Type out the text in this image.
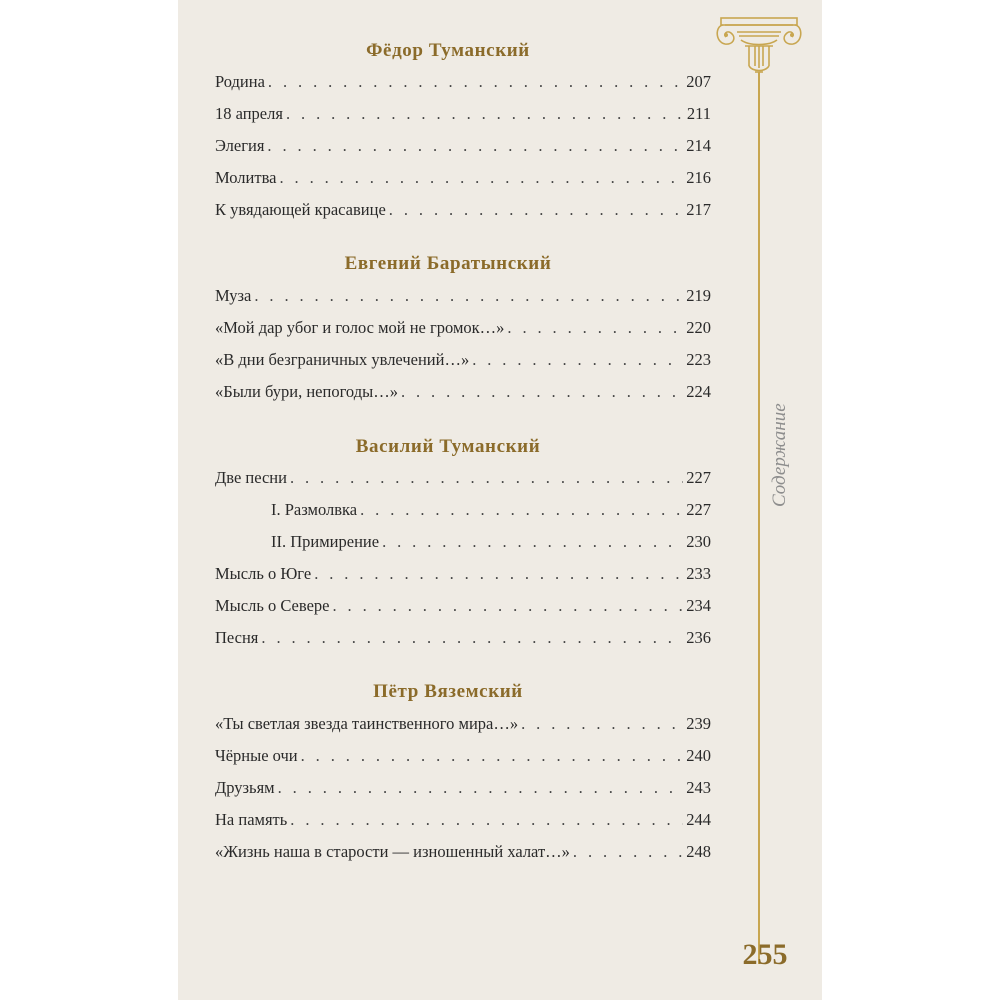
Фёдор Туманский
Родина . . .	207
18 апреля . . .	211
Элегия . . .	214
Молитва . . .	216
К увядающей красавице . . .	217
Евгений Баратынский
Муза . . .	219
«Мой дар убог и голос мой не громок…» . . .	220
«В дни безграничных увлечений…» . . .	223
«Были бури, непогоды…» . . .	224
Василий Туманский
Две песни . . .	227
I. Размолвка . . .	227
II. Примирение . . .	230
Мысль о Юге . . .	233
Мысль о Севере . . .	234
Песня . . .	236
Пётр Вяземский
«Ты светлая звезда таинственного мира…» . . .	239
Чёрные очи . . .	240
Друзьям . . .	243
На память . . .	244
«Жизнь наша в старости — изношенный халат…» . . .	248
Содержание
255
